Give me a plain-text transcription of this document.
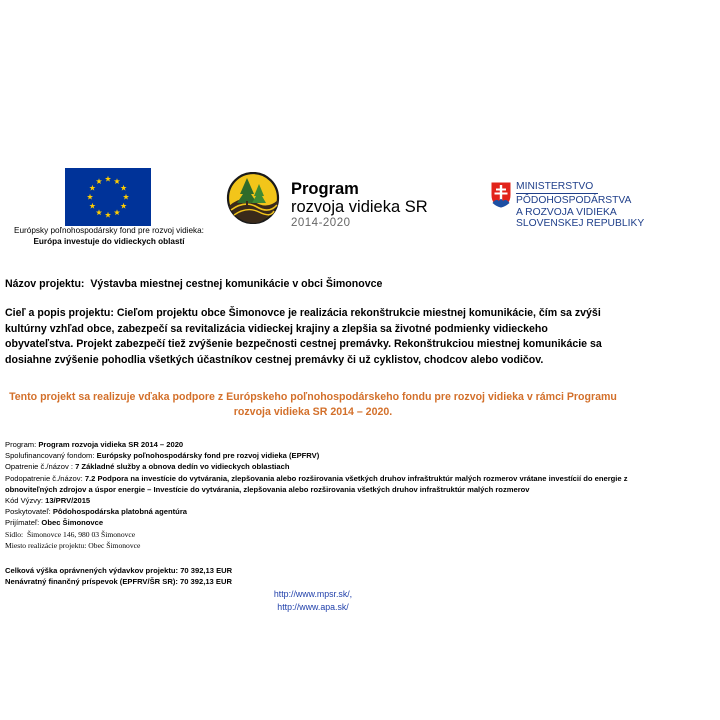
Európsky poľnohospodársky fond pre rozvoj vidieka:
Európa investuje do vidieckych oblastí
Program
rozvoja vidieka SR
2014-2020
MINISTERSTVO
PÔDOHOSPODÁRSTVA
A ROZVOJA VIDIEKA
SLOVENSKEJ REPUBLIKY
Názov projektu: Výstavba miestnej cestnej komunikácie v obci Šimonovce
Cieľ a popis projektu: Cieľom projektu obce Šimonovce je realizácia rekonštrukcie miestnej komunikácie, čím sa zvýši kultúrny vzhľad obce, zabezpečí sa revitalizácia vidieckej krajiny a zlepšia sa životné podmienky vidieckeho obyvateľstva. Projekt zabezpečí tiež zvýšenie bezpečnosti cestnej premávky. Rekonštrukciou miestnej komunikácie sa dosiahne zvýšenie pohodlia všetkých účastníkov cestnej premávky či už cyklistov, chodcov alebo vodičov.
Tento projekt sa realizuje vďaka podpore z Európskeho poľnohospodárskeho fondu pre rozvoj vidieka v rámci Programu rozvoja vidieka SR 2014 – 2020.
Program: Program rozvoja vidieka SR 2014 – 2020
Spolufinancovaný fondom: Európsky poľnohospodársky fond pre rozvoj vidieka (EPFRV)
Opatrenie č./názov : 7 Základné služby a obnova dedín vo vidieckych oblastiach
Podopatrenie č./názov: 7.2 Podpora na investície do vytvárania, zlepšovania alebo rozširovania všetkých druhov infraštruktúr malých rozmerov vrátane investícií do energie z obnoviteľných zdrojov a úspor energie – Investície do vytvárania, zlepšovania alebo rozširovania všetkých druhov infraštruktúr malých rozmerov
Kód Výzvy: 13/PRV/2015
Poskytovateľ: Pôdohospodárska platobná agentúra
Prijímateľ: Obec Šimonovce
Sídlo: Šimonovce 146, 980 03 Šimonovce
Miesto realizácie projektu: Obec Šimonovce
Celková výška oprávnených výdavkov projektu: 70 392,13 EUR
Nenávratný finančný príspevok (EPFRV/ŠR SR): 70 392,13 EUR
http://www.mpsr.sk/,
http://www.apa.sk/
